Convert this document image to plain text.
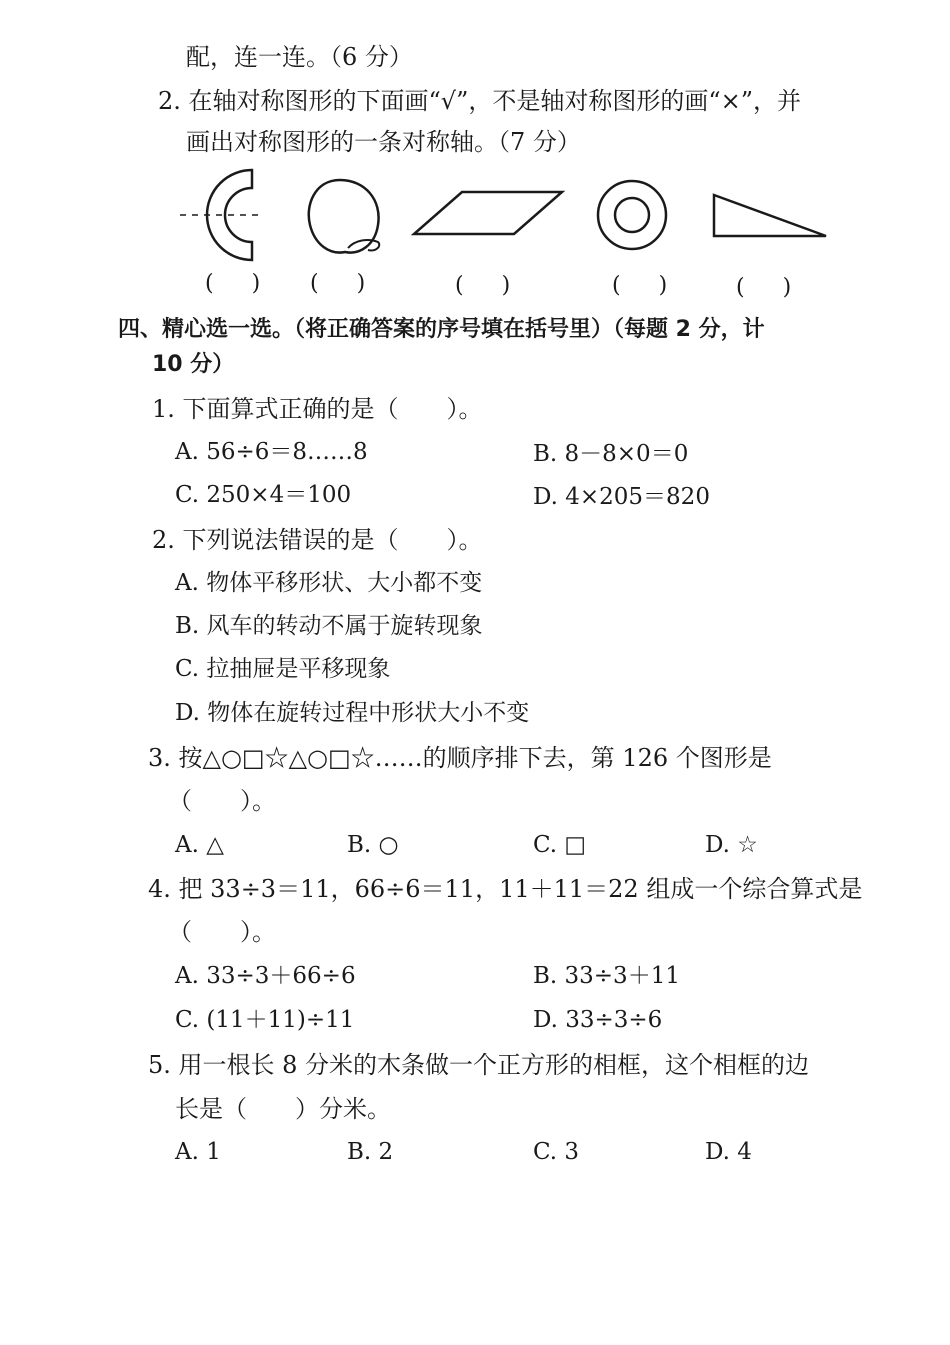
配，连一连。（6 分）
2. 在轴对称图形的下面画“√”，不是轴对称图形的画“×”，并
画出对称图形的一条对称轴。（7 分）
(　) (　)	(　)	(　)	(　)
四、精心选一选。（将正确答案的序号填在括号里）（每题 2 分，计
10 分）
1. 下面算式正确的是（　　）。
A. 56÷6＝8……8	B. 8－8×0＝0
C. 250×4＝100	D. 4×205＝820
2. 下列说法错误的是（　　）。
A. 物体平移形状、大小都不变
B. 风车的转动不属于旋转现象
C. 拉抽屉是平移现象
D. 物体在旋转过程中形状大小不变
3. 按△○□☆△○□☆……的顺序排下去，第 126 个图形是
（　　）。
A. △	B. ○	C. □	D. ☆
4. 把 33÷3＝11，66÷6＝11，11＋11＝22 组成一个综合算式是
（　　）。
A. 33÷3＋66÷6	B. 33÷3＋11
C. (11＋11)÷11	D. 33÷3÷6
5. 用一根长 8 分米的木条做一个正方形的相框，这个相框的边
长是（　　）分米。
A. 1	B. 2	C. 3	D. 4
